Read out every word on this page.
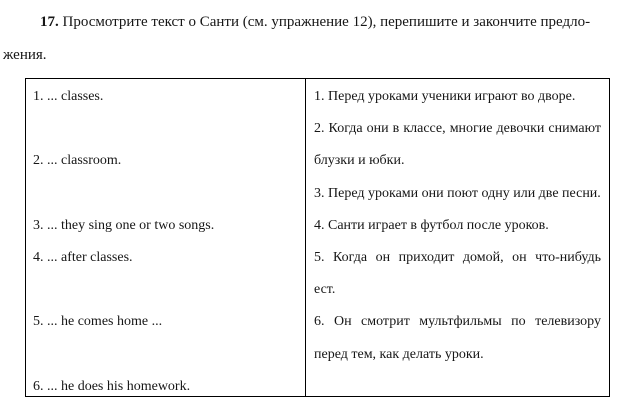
17. Просмотрите текст о Санти (см. упражнение 12), перепишите и закончите предло-
жения.
1. ... classes.
2. ... classroom.
3. ... they sing one or two songs.
4. ... after classes.
5. ... he comes home ...
6. ... he does his homework.
1. Перед уроками ученики играют во дворе.
2. Когда они в классе, многие девочки снимают
блузки и юбки.
3. Перед уроками они поют одну или две песни.
4. Санти играет в футбол после уроков.
5. Когда он приходит домой, он что-нибудь
ест.
6. Он смотрит мультфильмы по телевизору
перед тем, как делать уроки.
